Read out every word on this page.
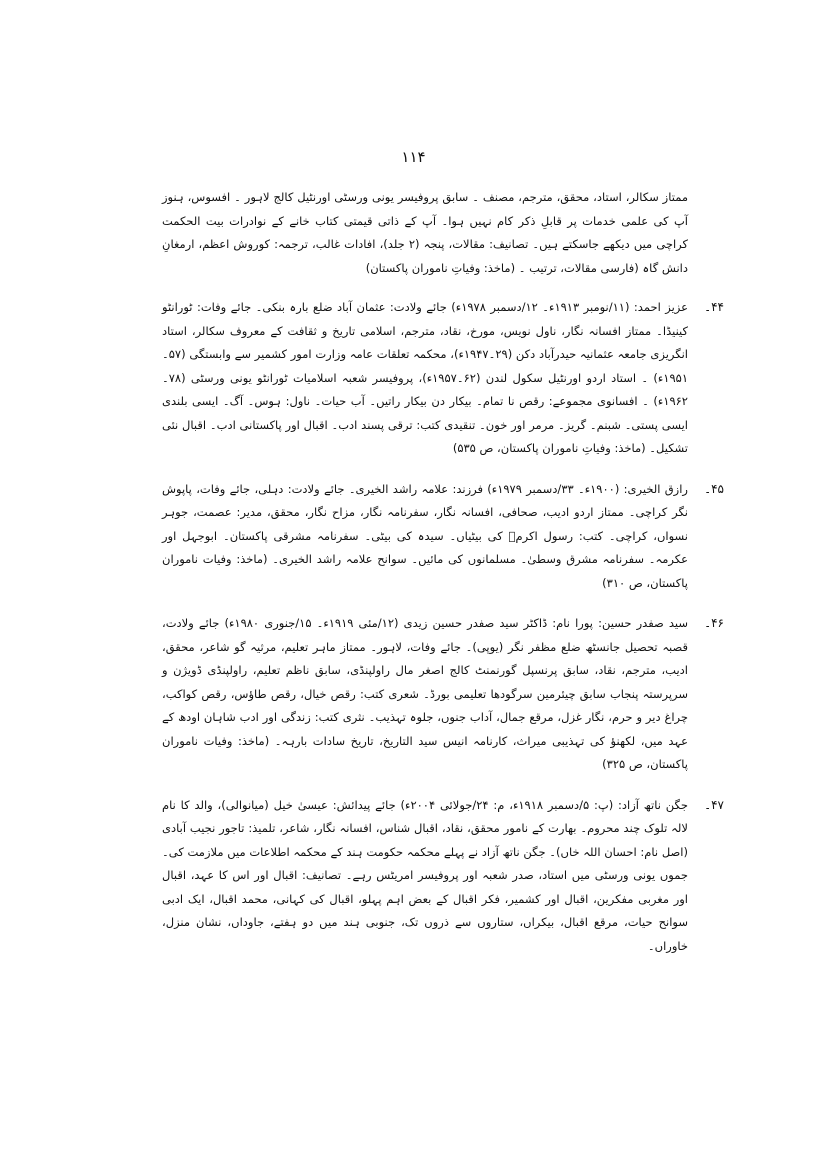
۱۱۴

ممتاز سکالر، استاد، محقق، مترجم، مصنف ۔ سابق پروفیسر یونی ورسٹی اورنٹیل کالج لاہور ۔ افسوس، ہنوز آپ کی علمی خدمات پر قابلِ ذکر کام نہیں ہوا۔ آپ کے ذاتی قیمتی کتاب خانے کے نوادرات بیت الحکمت کراچی میں دیکھے جاسکتے ہیں۔ تصانیف: مقالات، پنجہ (۲ جلد)، افادات غالب، ترجمہ: کوروش اعظم، ارمغانِ دانش گاہ (فارسی مقالات، ترتیب ۔ (ماخذ: وفیاتِ ناموران پاکستان)

۴۴۔

عزیز احمد: (۱۱/نومبر ۱۹۱۳ء۔ ۱۲/دسمبر ۱۹۷۸ء) جائے ولادت: عثمان آباد ضلع بارہ بنکی۔ جائے وفات: ٹورانٹو کینیڈا۔ ممتاز افسانہ نگار، ناول نویس، مورخ، نقاد، مترجم، اسلامی تاریخ و ثقافت کے معروف سکالر، استاد انگریزی جامعہ عثمانیہ حیدرآباد دکن (۲۹۔۱۹۴۷ء)، محکمہ تعلقات عامہ وزارت امور کشمیر سے وابستگی (۵۷۔۱۹۵۱ء) ۔ استاد اردو اورنٹیل سکول لندن (۶۲۔۱۹۵۷ء)، پروفیسر شعبہ اسلامیات ٹورانٹو یونی ورسٹی (۷۸۔۱۹۶۲ء) ۔ افسانوی مجموعے: رقص نا تمام۔ بیکار دن بیکار راتیں۔ آب حیات۔ ناول: ہوس۔ آگ۔ ایسی بلندی ایسی پستی۔ شبنم۔ گریز۔ مرمر اور خون۔ تنقیدی کتب: ترقی پسند ادب۔ اقبال اور پاکستانی ادب۔ اقبال نئی تشکیل۔ (ماخذ: وفیاتِ ناموران پاکستان، ص ۵۳۵)

۴۵۔

رازق الخیری: (۱۹۰۰ء۔ ۳۳/دسمبر ۱۹۷۹ء) فرزند: علامہ راشد الخیری۔ جائے ولادت: دہلی، جائے وفات، پاپوش نگر کراچی۔ ممتاز اردو ادیب، صحافی، افسانہ نگار، سفرنامہ نگار، مزاح نگار، محقق، مدیر: عصمت، جوہر نسواں، کراچی۔ کتب: رسول اکرمؐ کی بیٹیاں۔ سیدہ کی بیٹی۔ سفرنامہ مشرقی پاکستان۔ ابوجہل اور عکرمہ۔ سفرنامہ مشرق وسطیٰ۔ مسلمانوں کی مائیں۔ سوانح علامہ راشد الخیری۔ (ماخذ: وفیات ناموران پاکستان، ص ۳۱۰)

۴۶۔

سید صفدر حسین: پورا نام: ڈاکٹر سید صفدر حسین زیدی (۱۲/مئی ۱۹۱۹ء۔ ۱۵/جنوری ۱۹۸۰ء) جائے ولادت، قصبہ تحصیل جانسٹھ ضلع مظفر نگر (یوپی)۔ جائے وفات، لاہور۔ ممتاز ماہر تعلیم، مرثیہ گو شاعر، محقق، ادیب، مترجم، نقاد، سابق پرنسپل گورنمنٹ کالج اصغر مال راولپنڈی، سابق ناظم تعلیم، راولپنڈی ڈویژن و سرپرستہ پنجاب سابق چیئرمین سرگودھا تعلیمی بورڈ۔ شعری کتب: رقص خیال، رقص طاؤس، رقص کواکب، چراغ دیر و حرم، نگار غزل، مرقع جمال، آداب جنوں، جلوہ تہذیب۔ نثری کتب: زندگی اور ادب شاہان اودھ کے عہد میں، لکھنؤ کی تہذیبی میراث، کارنامہ انیس سید التاریخ، تاریخ سادات بارہہ۔ (ماخذ: وفیات ناموران پاکستان، ص ۳۲۵)

۴۷۔

جگن ناتھ آزاد: (پ: ۵/دسمبر ۱۹۱۸ء، م: ۲۴/جولائی ۲۰۰۴ء) جائے پیدائش: عیسیٰ خیل (میانوالی)، والد کا نام لالہ تلوک چند محروم۔ بھارت کے نامور محقق، نقاد، اقبال شناس، افسانہ نگار، شاعر، تلمیذ: تاجور نجیب آبادی (اصل نام: احسان اللہ خاں)۔ جگن ناتھ آزاد نے پہلے محکمہ حکومت ہند کے محکمہ اطلاعات میں ملازمت کی۔ جموں یونی ورسٹی میں استاد، صدر شعبہ اور پروفیسر امریٹس رہے۔ تصانیف: اقبال اور اس کا عہد، اقبال اور مغربی مفکرین، اقبال اور کشمیر، فکر اقبال کے بعض اہم پہلو، اقبال کی کہانی، محمد اقبال، ایک ادبی سوانح حیات، مرقع اقبال، بیکراں، ستاروں سے ذروں تک، جنوبی ہند میں دو ہفتے، جاوداں، نشان منزل، خاوراں۔
